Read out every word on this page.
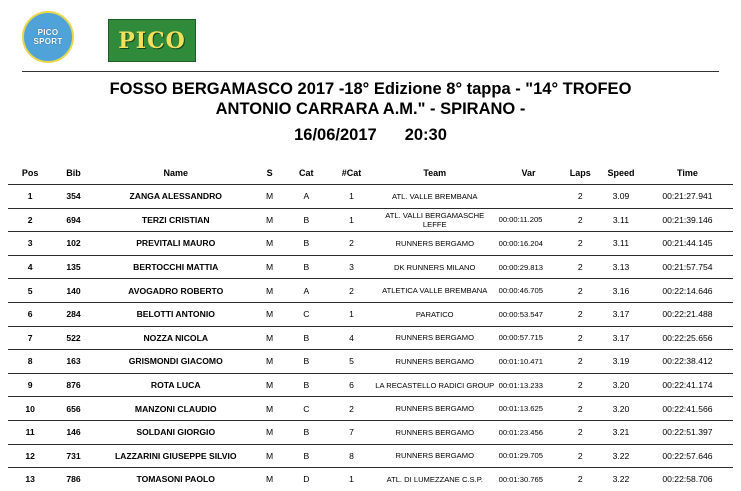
PICO
SPORT	PICO
FOSSO BERGAMASCO 2017 -18° Edizione 8° tappa - "14° TROFEO
ANTONIO CARRARA A.M." - SPIRANO -
16/06/2017 20:30
Pos	Bib	Name	S	Cat	#Cat	Team	Var	Laps	Speed	Time
1	354	ZANGA ALESSANDRO	M	A	1	ATL. VALLE BREMBANA		2	3.09	00:21:27.941
2	694	TERZI CRISTIAN	M	B	1	ATL. VALLI BERGAMASCHE LEFFE	00:00:11.205	2	3.11	00:21:39.146
3	102	PREVITALI MAURO	M	B	2	RUNNERS BERGAMO	00:00:16.204	2	3.11	00:21:44.145
4	135	BERTOCCHI MATTIA	M	B	3	DK RUNNERS MILANO	00:00:29.813	2	3.13	00:21:57.754
5	140	AVOGADRO ROBERTO	M	A	2	ATLETICA VALLE BREMBANA	00:00:46.705	2	3.16	00:22:14.646
6	284	BELOTTI ANTONIO	M	C	1	PARATICO	00:00:53.547	2	3.17	00:22:21.488
7	522	NOZZA NICOLA	M	B	4	RUNNERS BERGAMO	00:00:57.715	2	3.17	00:22:25.656
8	163	GRISMONDI GIACOMO	M	B	5	RUNNERS BERGAMO	00:01:10.471	2	3.19	00:22:38.412
9	876	ROTA LUCA	M	B	6	LA RECASTELLO RADICI GROUP	00:01:13.233	2	3.20	00:22:41.174
10	656	MANZONI CLAUDIO	M	C	2	RUNNERS BERGAMO	00:01:13.625	2	3.20	00:22:41.566
11	146	SOLDANI GIORGIO	M	B	7	RUNNERS BERGAMO	00:01:23.456	2	3.21	00:22:51.397
12	731	LAZZARINI GIUSEPPE SILVIO	M	B	8	RUNNERS BERGAMO	00:01:29.705	2	3.22	00:22:57.646
13	786	TOMASONI PAOLO	M	D	1	ATL. DI LUMEZZANE C.S.P.	00:01:30.765	2	3.22	00:22:58.706
